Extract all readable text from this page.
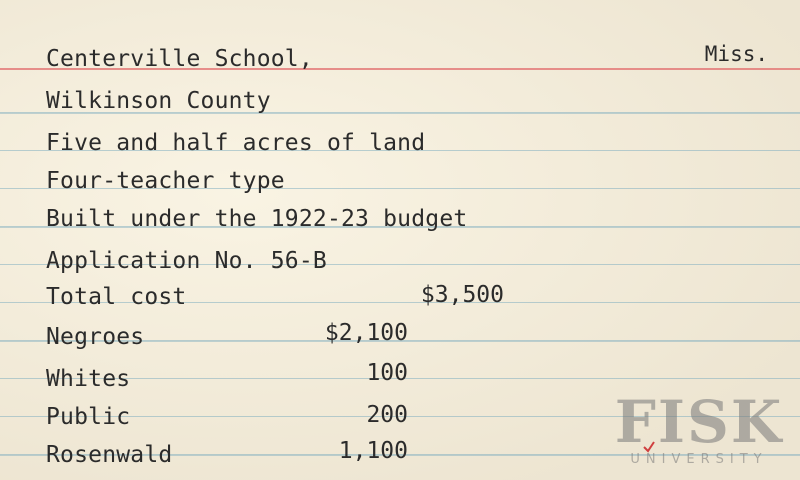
Miss.
Centerville School,
Wilkinson County
Five and half acres of land
Four-teacher type
Built under the 1922-23 budget
Application No. 56-B
Total cost	$3,500
Negroes	$2,100
Whites	100
Public	200
Rosenwald	1,100	FISK
UNIVERSITY
